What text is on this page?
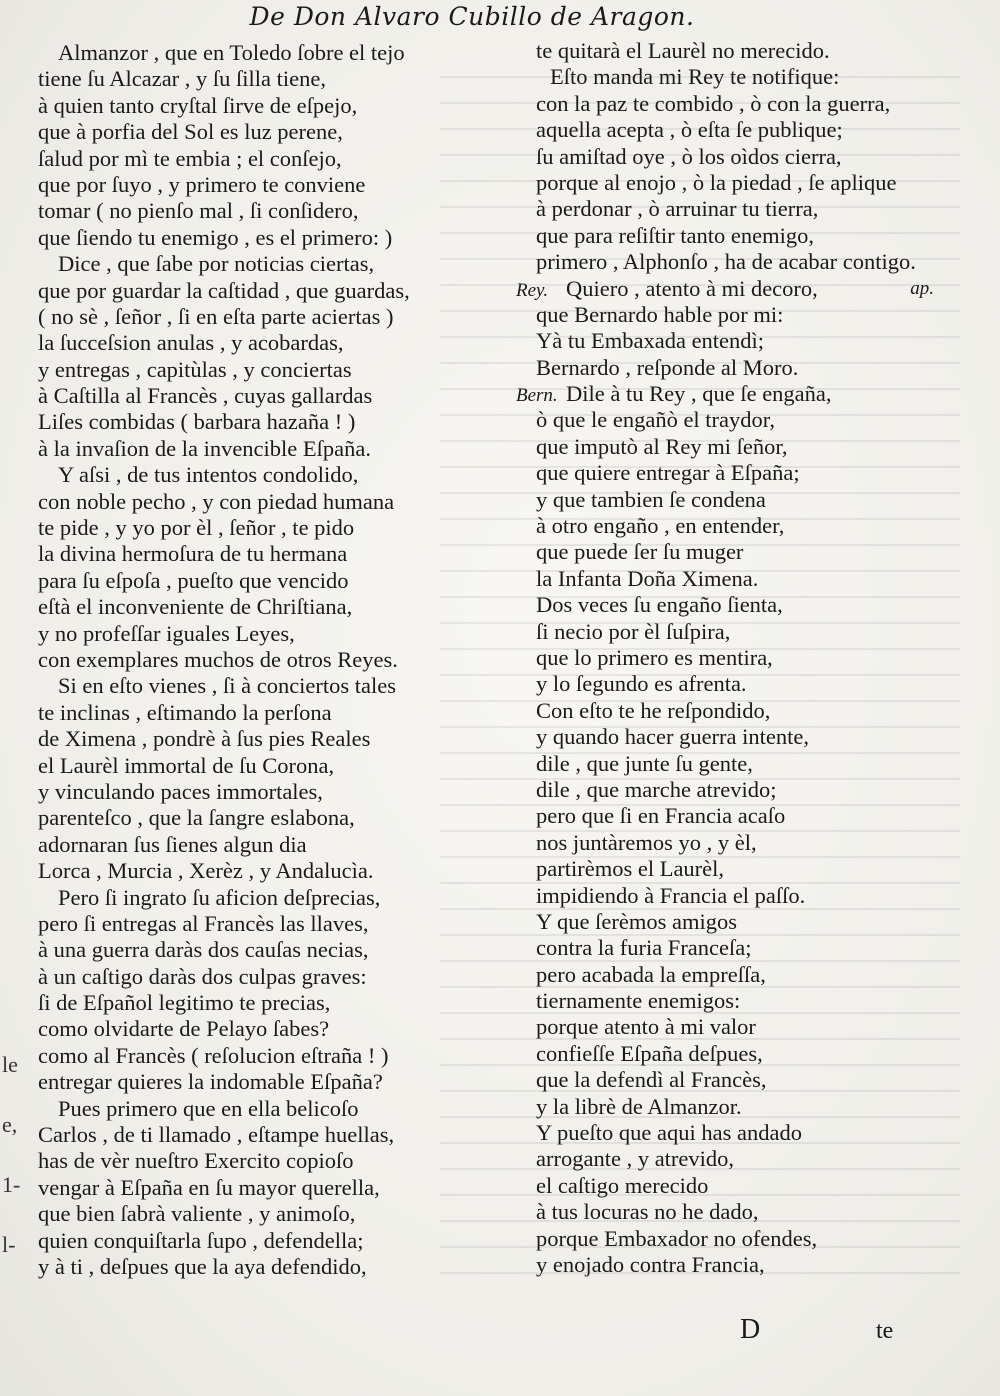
De Don Alvaro Cubillo de Aragon.
Almanzor , que en Toledo ſobre el tejo
tiene ſu Alcazar , y ſu ſilla tiene,
à quien tanto cryſtal ſirve de eſpejo,
que à porfia del Sol es luz perene,
ſalud por mì te embia ; el conſejo,
que por ſuyo , y primero te conviene
tomar ( no pienſo mal , ſi conſidero,
que ſiendo tu enemigo , es el primero: )
Dice , que ſabe por noticias ciertas,
que por guardar la caſtidad , que guardas,
( no sè , ſeñor , ſi en eſta parte aciertas )
la ſucceſsion anulas , y acobardas,
y entregas , capitùlas , y conciertas
à Caſtilla al Francès , cuyas gallardas
Liſes combidas ( barbara hazaña ! )
à la invaſion de la invencible Eſpaña.
Y aſsi , de tus intentos condolido,
con noble pecho , y con piedad humana
te pide , y yo por èl , ſeñor , te pido
la divina hermoſura de tu hermana
para ſu eſpoſa , pueſto que vencido
eſtà el inconveniente de Chriſtiana,
y no profeſſar iguales Leyes,
con exemplares muchos de otros Reyes.
Si en eſto vienes , ſi à conciertos tales
te inclinas , eſtimando la perſona
de Ximena , pondrè à ſus pies Reales
el Laurèl immortal de ſu Corona,
y vinculando paces immortales,
parenteſco , que la ſangre eslabona,
adornaran ſus ſienes algun dia
Lorca , Murcia , Xerèz , y Andalucìa.
Pero ſi ingrato ſu aficion deſprecias,
pero ſi entregas al Francès las llaves,
à una guerra daràs dos cauſas necias,
à un caſtigo daràs dos culpas graves:
ſi de Eſpañol legitimo te precias,
como olvidarte de Pelayo ſabes?
como al Francès ( reſolucion eſtraña ! )
entregar quieres la indomable Eſpaña?
Pues primero que en ella belicoſo
Carlos , de ti llamado , eſtampe huellas,
has de vèr nueſtro Exercito copioſo
vengar à Eſpaña en ſu mayor querella,
que bien ſabrà valiente , y animoſo,
quien conquiſtarla ſupo , defendella;
y à ti , deſpues que la aya defendido,
te quitarà el Laurèl no merecido.
Eſto manda mi Rey te notifique:
con la paz te combido , ò con la guerra,
aquella acepta , ò eſta ſe publique;
ſu amiſtad oye , ò los oìdos cierra,
porque al enojo , ò la piedad , ſe aplique
à perdonar , ò arruinar tu tierra,
que para reſiſtir tanto enemigo,
primero , Alphonſo , ha de acabar contigo.
Rey. Quiero , atento à mi decoro,	ap.
que Bernardo hable por mi:
Yà tu Embaxada entendì;
Bernardo , reſponde al Moro.
Bern. Dile à tu Rey , que ſe engaña,
ò que le engañò el traydor,
que imputò al Rey mi ſeñor,
que quiere entregar à Eſpaña;
y que tambien ſe condena
à otro engaño , en entender,
que puede ſer ſu muger
la Infanta Doña Ximena.
Dos veces ſu engaño ſienta,
ſi necio por èl ſuſpira,
que lo primero es mentira,
y lo ſegundo es afrenta.
Con eſto te he reſpondido,
y quando hacer guerra intente,
dile , que junte ſu gente,
dile , que marche atrevido;
pero que ſi en Francia acaſo
nos juntàremos yo , y èl,
partirèmos el Laurèl,
impidiendo à Francia el paſſo.
Y que ſerèmos amigos
contra la furia Franceſa;
pero acabada la empreſſa,
tiernamente enemigos:
porque atento à mi valor
confieſſe Eſpaña deſpues,
que la defendì al Francès,
y la librè de Almanzor.
Y pueſto que aqui has andado
arrogante , y atrevido,
el caſtigo merecido
à tus locuras no he dado,
porque Embaxador no ofendes,
y enojado contra Francia,
le
e,
1-
l-
D	te
